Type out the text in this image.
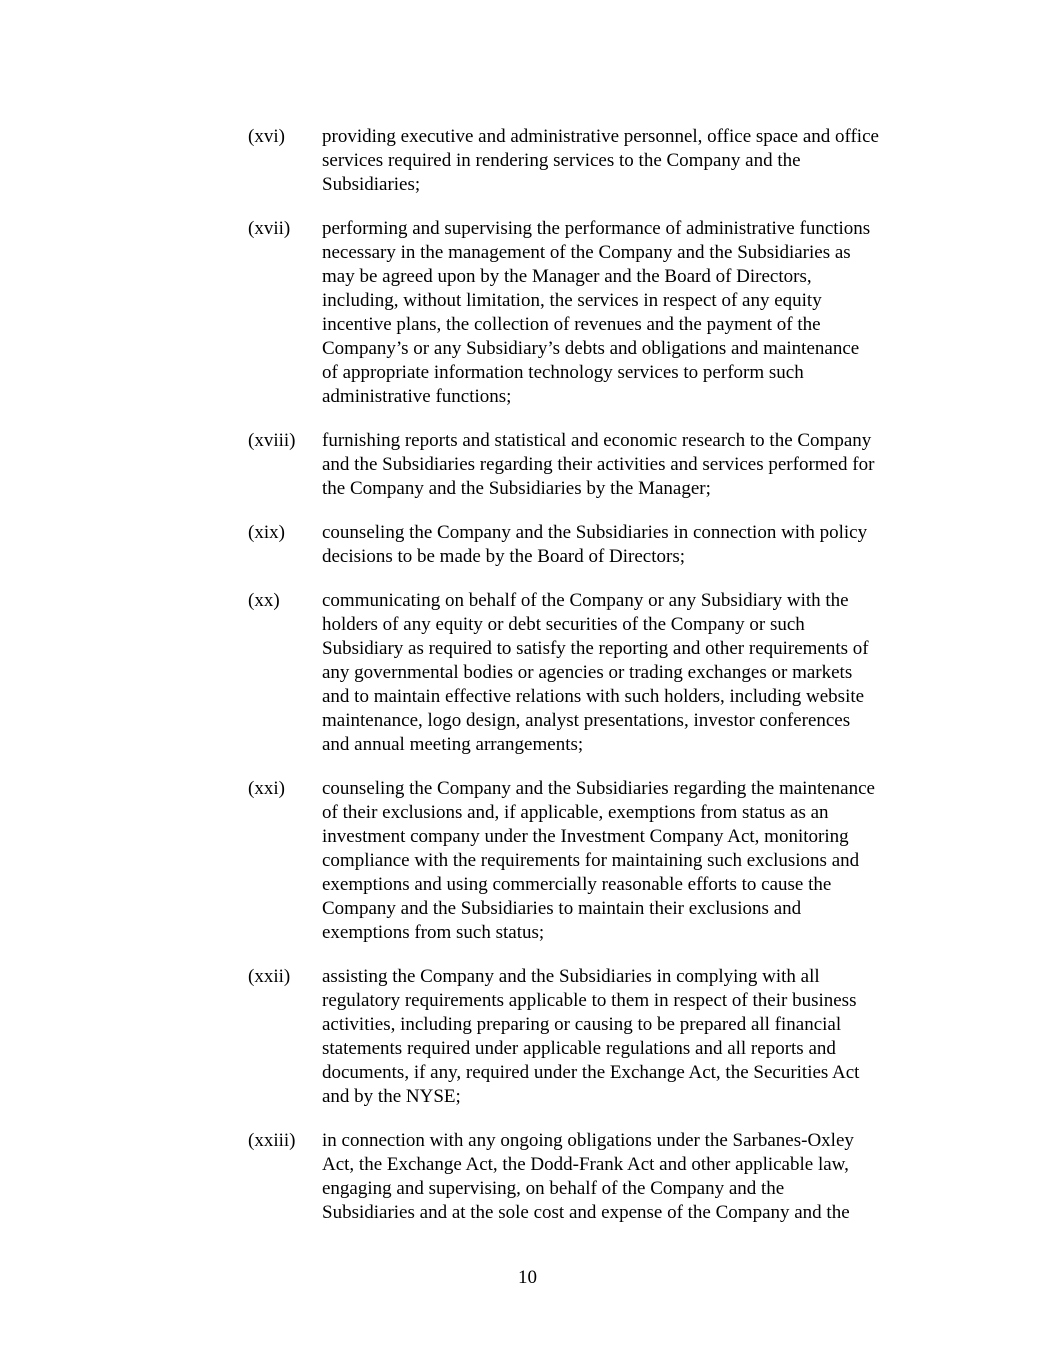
(xvi)	providing executive and administrative personnel, office space and office
services required in rendering services to the Company and the
Subsidiaries;
(xvii)	performing and supervising the performance of administrative functions
necessary in the management of the Company and the Subsidiaries as
may be agreed upon by the Manager and the Board of Directors,
including, without limitation, the services in respect of any equity
incentive plans, the collection of revenues and the payment of the
Company’s or any Subsidiary’s debts and obligations and maintenance
of appropriate information technology services to perform such
administrative functions;
(xviii)	furnishing reports and statistical and economic research to the Company
and the Subsidiaries regarding their activities and services performed for
the Company and the Subsidiaries by the Manager;
(xix)	counseling the Company and the Subsidiaries in connection with policy
decisions to be made by the Board of Directors;
(xx)	communicating on behalf of the Company or any Subsidiary with the
holders of any equity or debt securities of the Company or such
Subsidiary as required to satisfy the reporting and other requirements of
any governmental bodies or agencies or trading exchanges or markets
and to maintain effective relations with such holders, including website
maintenance, logo design, analyst presentations, investor conferences
and annual meeting arrangements;
(xxi)	counseling the Company and the Subsidiaries regarding the maintenance
of their exclusions and, if applicable, exemptions from status as an
investment company under the Investment Company Act, monitoring
compliance with the requirements for maintaining such exclusions and
exemptions and using commercially reasonable efforts to cause the
Company and the Subsidiaries to maintain their exclusions and
exemptions from such status;
(xxii)	assisting the Company and the Subsidiaries in complying with all
regulatory requirements applicable to them in respect of their business
activities, including preparing or causing to be prepared all financial
statements required under applicable regulations and all reports and
documents, if any, required under the Exchange Act, the Securities Act
and by the NYSE;
(xxiii)	in connection with any ongoing obligations under the Sarbanes-Oxley
Act, the Exchange Act, the Dodd-Frank Act and other applicable law,
engaging and supervising, on behalf of the Company and the
Subsidiaries and at the sole cost and expense of the Company and the
10
